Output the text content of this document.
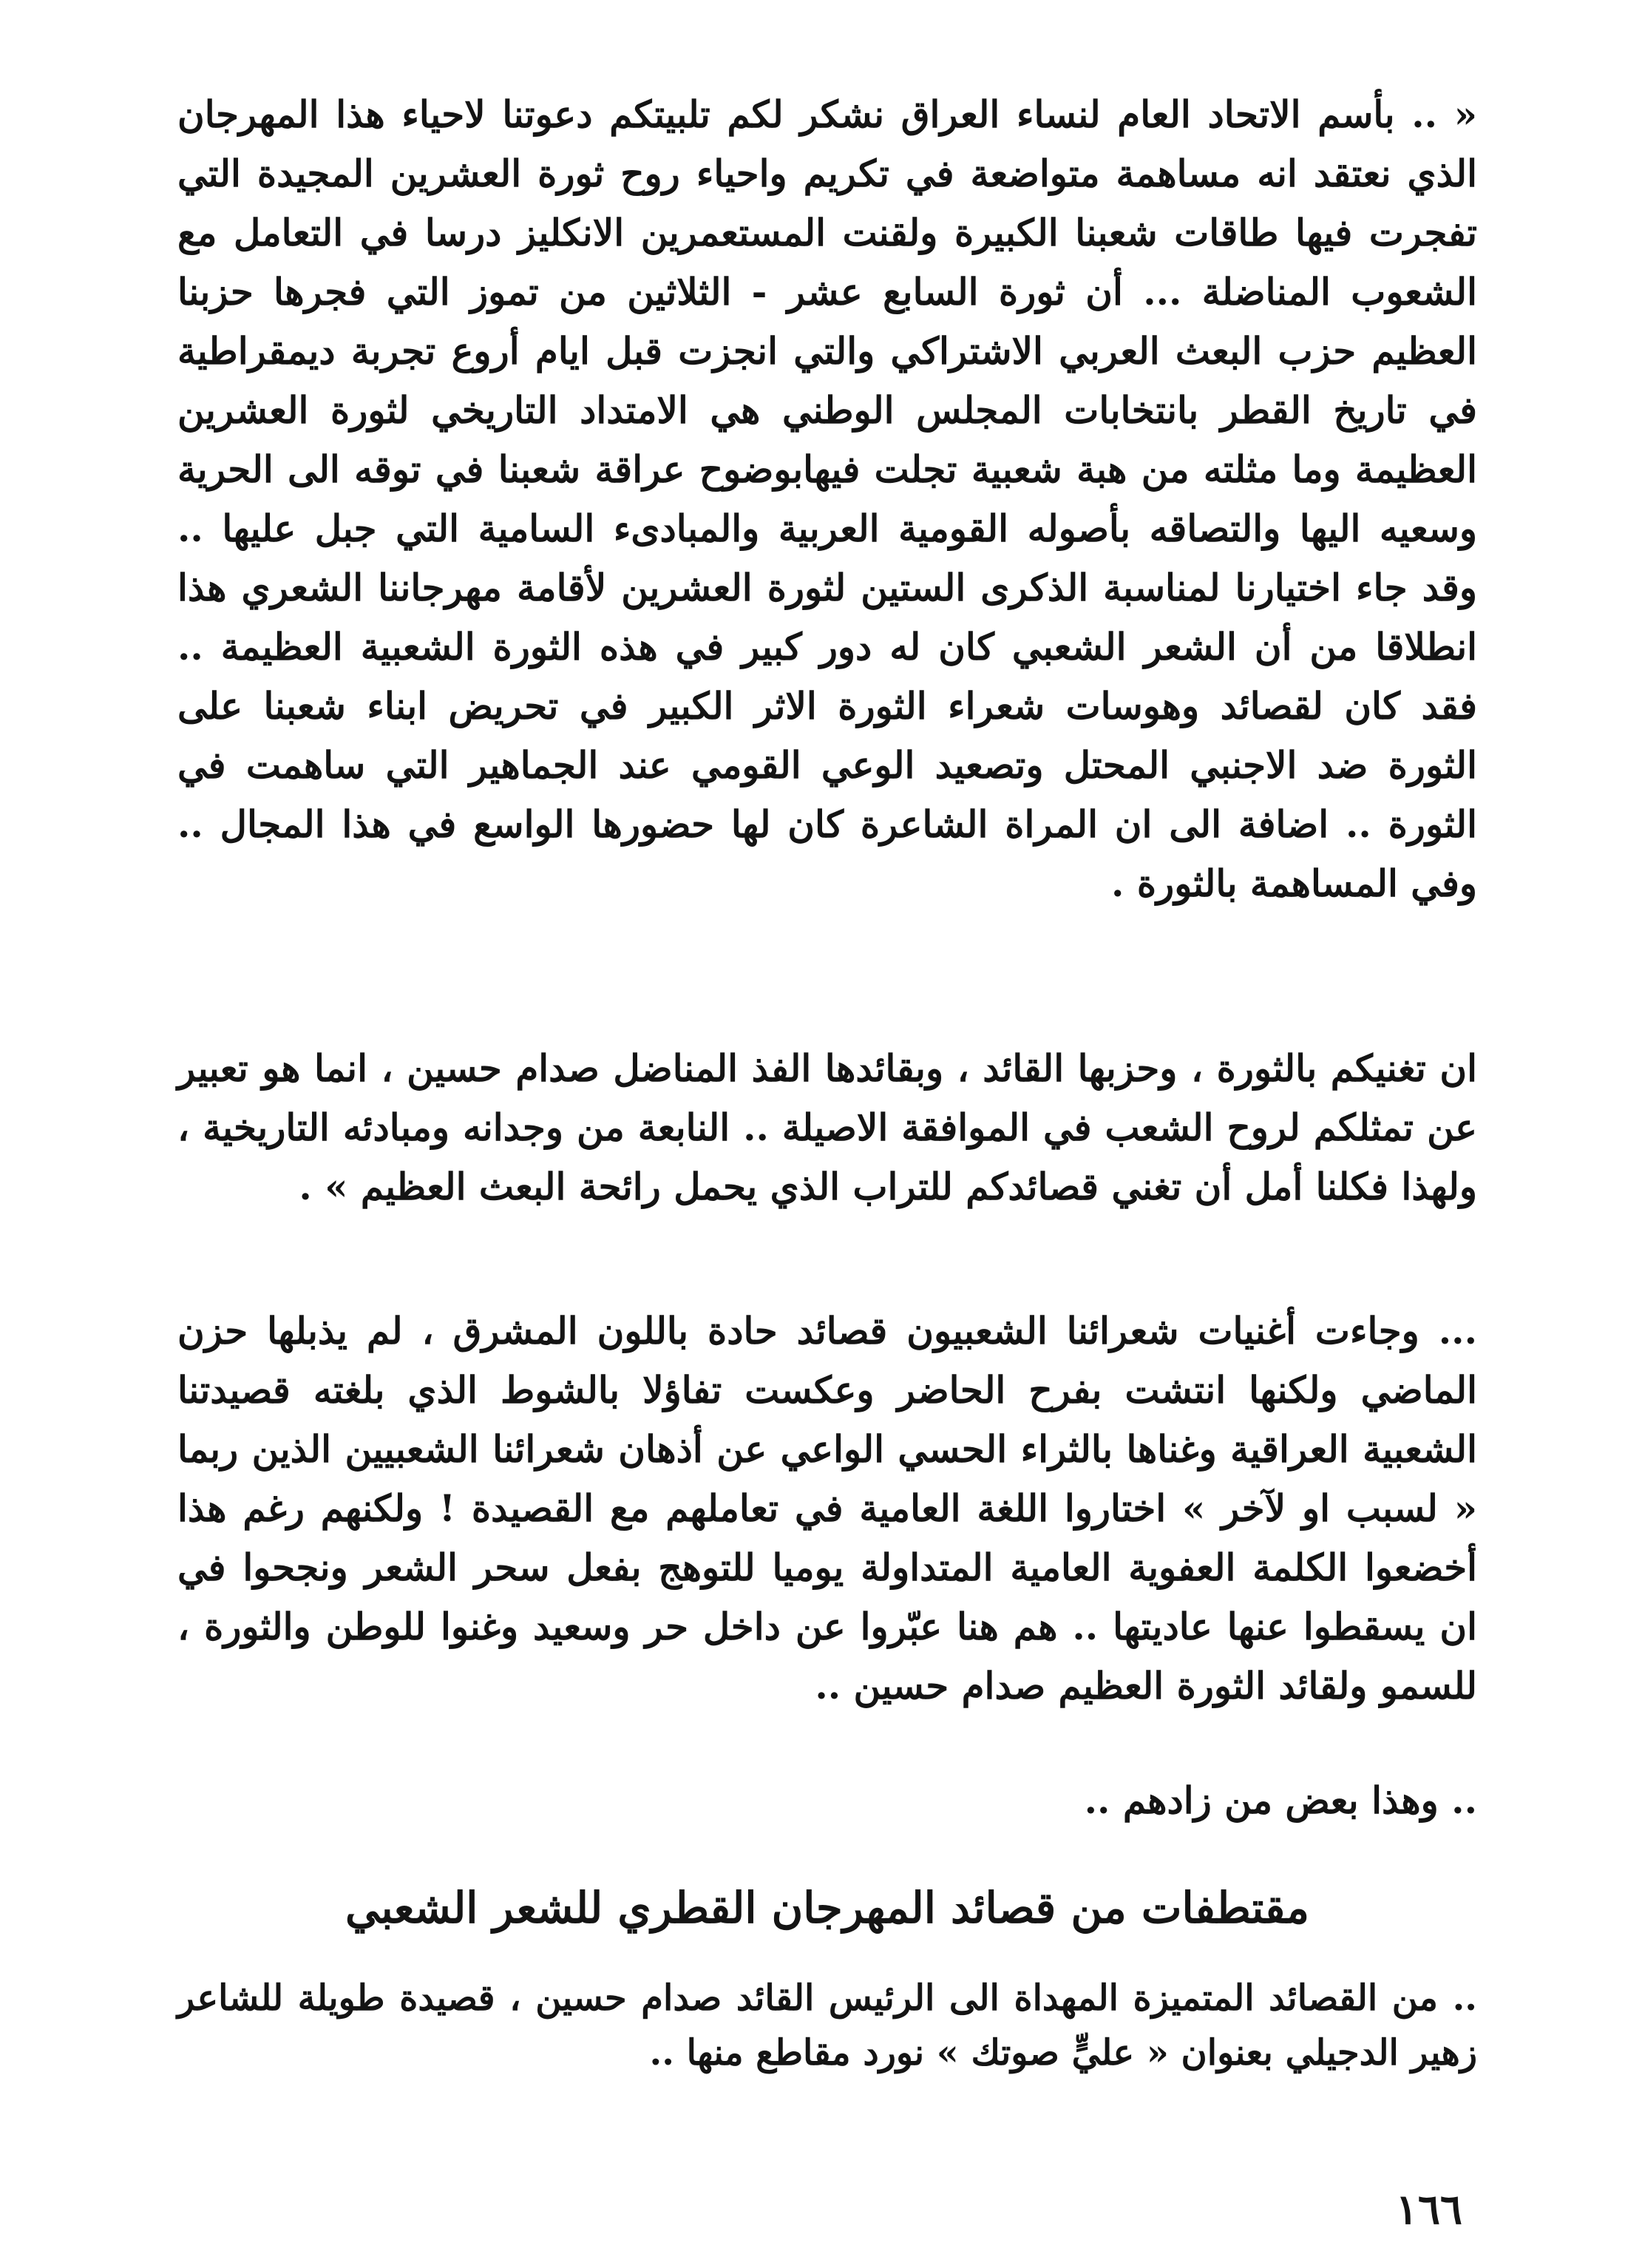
« .. بأسم الاتحاد العام لنساء العراق نشكر لكم تلبيتكم دعوتنا لاحياء هذا المهرجان الذي نعتقد انه مساهمة متواضعة في تكريم واحياء روح ثورة العشرين المجيدة التي تفجرت فيها طاقات شعبنا الكبيرة ولقنت المستعمرين الانكليز درسا في التعامل مع الشعوب المناضلة ... أن ثورة السابع عشر - الثلاثين من تموز التي فجرها حزبنا العظيم حزب البعث العربي الاشتراكي والتي انجزت قبل ايام أروع تجربة ديمقراطية في تاريخ القطر بانتخابات المجلس الوطني هي الامتداد التاريخي لثورة العشرين العظيمة وما مثلته من هبة شعبية تجلت فيهابوضوح عراقة شعبنا في توقه الى الحرية وسعيه اليها والتصاقه بأصوله القومية العربية والمبادىء السامية التي جبل عليها .. وقد جاء اختيارنا لمناسبة الذكرى الستين لثورة العشرين لأقامة مهرجاننا الشعري هذا انطلاقا من أن الشعر الشعبي كان له دور كبير في هذه الثورة الشعبية العظيمة .. فقد كان لقصائد وهوسات شعراء الثورة الاثر الكبير في تحريض ابناء شعبنا على الثورة ضد الاجنبي المحتل وتصعيد الوعي القومي عند الجماهير التي ساهمت في الثورة .. اضافة الى ان المراة الشاعرة كان لها حضورها الواسع في هذا المجال .. وفي المساهمة بالثورة .

ان تغنيكم بالثورة ، وحزبها القائد ، وبقائدها الفذ المناضل صدام حسين ، انما هو تعبير عن تمثلكم لروح الشعب في الموافقة الاصيلة .. النابعة من وجدانه ومبادئه التاريخية ، ولهذا فكلنا أمل أن تغني قصائدكم للتراب الذي يحمل رائحة البعث العظيم » .

... وجاءت أغنيات شعرائنا الشعبيون قصائد حادة باللون المشرق ، لم يذبلها حزن الماضي ولكنها انتشت بفرح الحاضر وعكست تفاؤلا بالشوط الذي بلغته قصيدتنا الشعبية العراقية وغناها بالثراء الحسي الواعي عن أذهان شعرائنا الشعبيين الذين ربما « لسبب او لآخر » اختاروا اللغة العامية في تعاملهم مع القصيدة ! ولكنهم رغم هذا أخضعوا الكلمة العفوية العامية المتداولة يوميا للتوهج بفعل سحر الشعر ونجحوا في ان يسقطوا عنها عاديتها .. هم هنا عبّروا عن داخل حر وسعيد وغنوا للوطن والثورة ، للسمو ولقائد الثورة العظيم صدام حسين ..

.. وهذا بعض من زادهم ..

مقتطفات من قصائد المهرجان القطري للشعر الشعبي

.. من القصائد المتميزة المهداة الى الرئيس القائد صدام حسين ، قصيدة طويلة للشاعر زهير الدجيلي بعنوان « عليٍّ صوتك » نورد مقاطع منها ..

١٦٦
